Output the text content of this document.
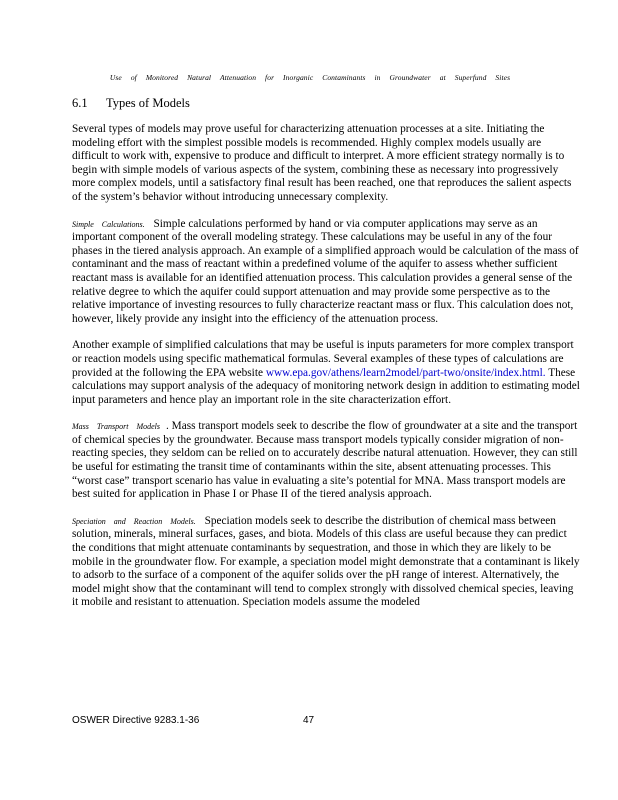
Use of Monitored Natural Attenuation for Inorganic Contaminants in Groundwater at Superfund Sites
6.1 Types of Models

Several types of models may prove useful for characterizing attenuation processes at a site. Initiating the modeling effort with the simplest possible models is recommended. Highly complex models usually are difficult to work with, expensive to produce and difficult to interpret. A more efficient strategy normally is to begin with simple models of various aspects of the system, combining these as necessary into progressively more complex models, until a satisfactory final result has been reached, one that reproduces the salient aspects of the system’s behavior without introducing unnecessary complexity.

Simple Calculations. Simple calculations performed by hand or via computer applications may serve as an important component of the overall modeling strategy. These calculations may be useful in any of the four phases in the tiered analysis approach. An example of a simplified approach would be calculation of the mass of contaminant and the mass of reactant within a predefined volume of the aquifer to assess whether sufficient reactant mass is available for an identified attenuation process. This calculation provides a general sense of the relative degree to which the aquifer could support attenuation and may provide some perspective as to the relative importance of investing resources to fully characterize reactant mass or flux. This calculation does not, however, likely provide any insight into the efficiency of the attenuation process.

Another example of simplified calculations that may be useful is inputs parameters for more complex transport or reaction models using specific mathematical formulas. Several examples of these types of calculations are provided at the following the EPA website www.epa.gov/athens/learn2model/part-two/onsite/index.html. These calculations may support analysis of the adequacy of monitoring network design in addition to estimating model input parameters and hence play an important role in the site characterization effort.

Mass Transport Models . Mass transport models seek to describe the flow of groundwater at a site and the transport of chemical species by the groundwater. Because mass transport models typically consider migration of non-reacting species, they seldom can be relied on to accurately describe natural attenuation. However, they can still be useful for estimating the transit time of contaminants within the site, absent attenuating processes. This “worst case” transport scenario has value in evaluating a site’s potential for MNA. Mass transport models are best suited for application in Phase I or Phase II of the tiered analysis approach.

Speciation and Reaction Models. Speciation models seek to describe the distribution of chemical mass between solution, minerals, mineral surfaces, gases, and biota. Models of this class are useful because they can predict the conditions that might attenuate contaminants by sequestration, and those in which they are likely to be mobile in the groundwater flow. For example, a speciation model might demonstrate that a contaminant is likely to adsorb to the surface of a component of the aquifer solids over the pH range of interest. Alternatively, the model might show that the contaminant will tend to complex strongly with dissolved chemical species, leaving it mobile and resistant to attenuation. Speciation models assume the modeled

OSWER Directive 9283.1-36	47
